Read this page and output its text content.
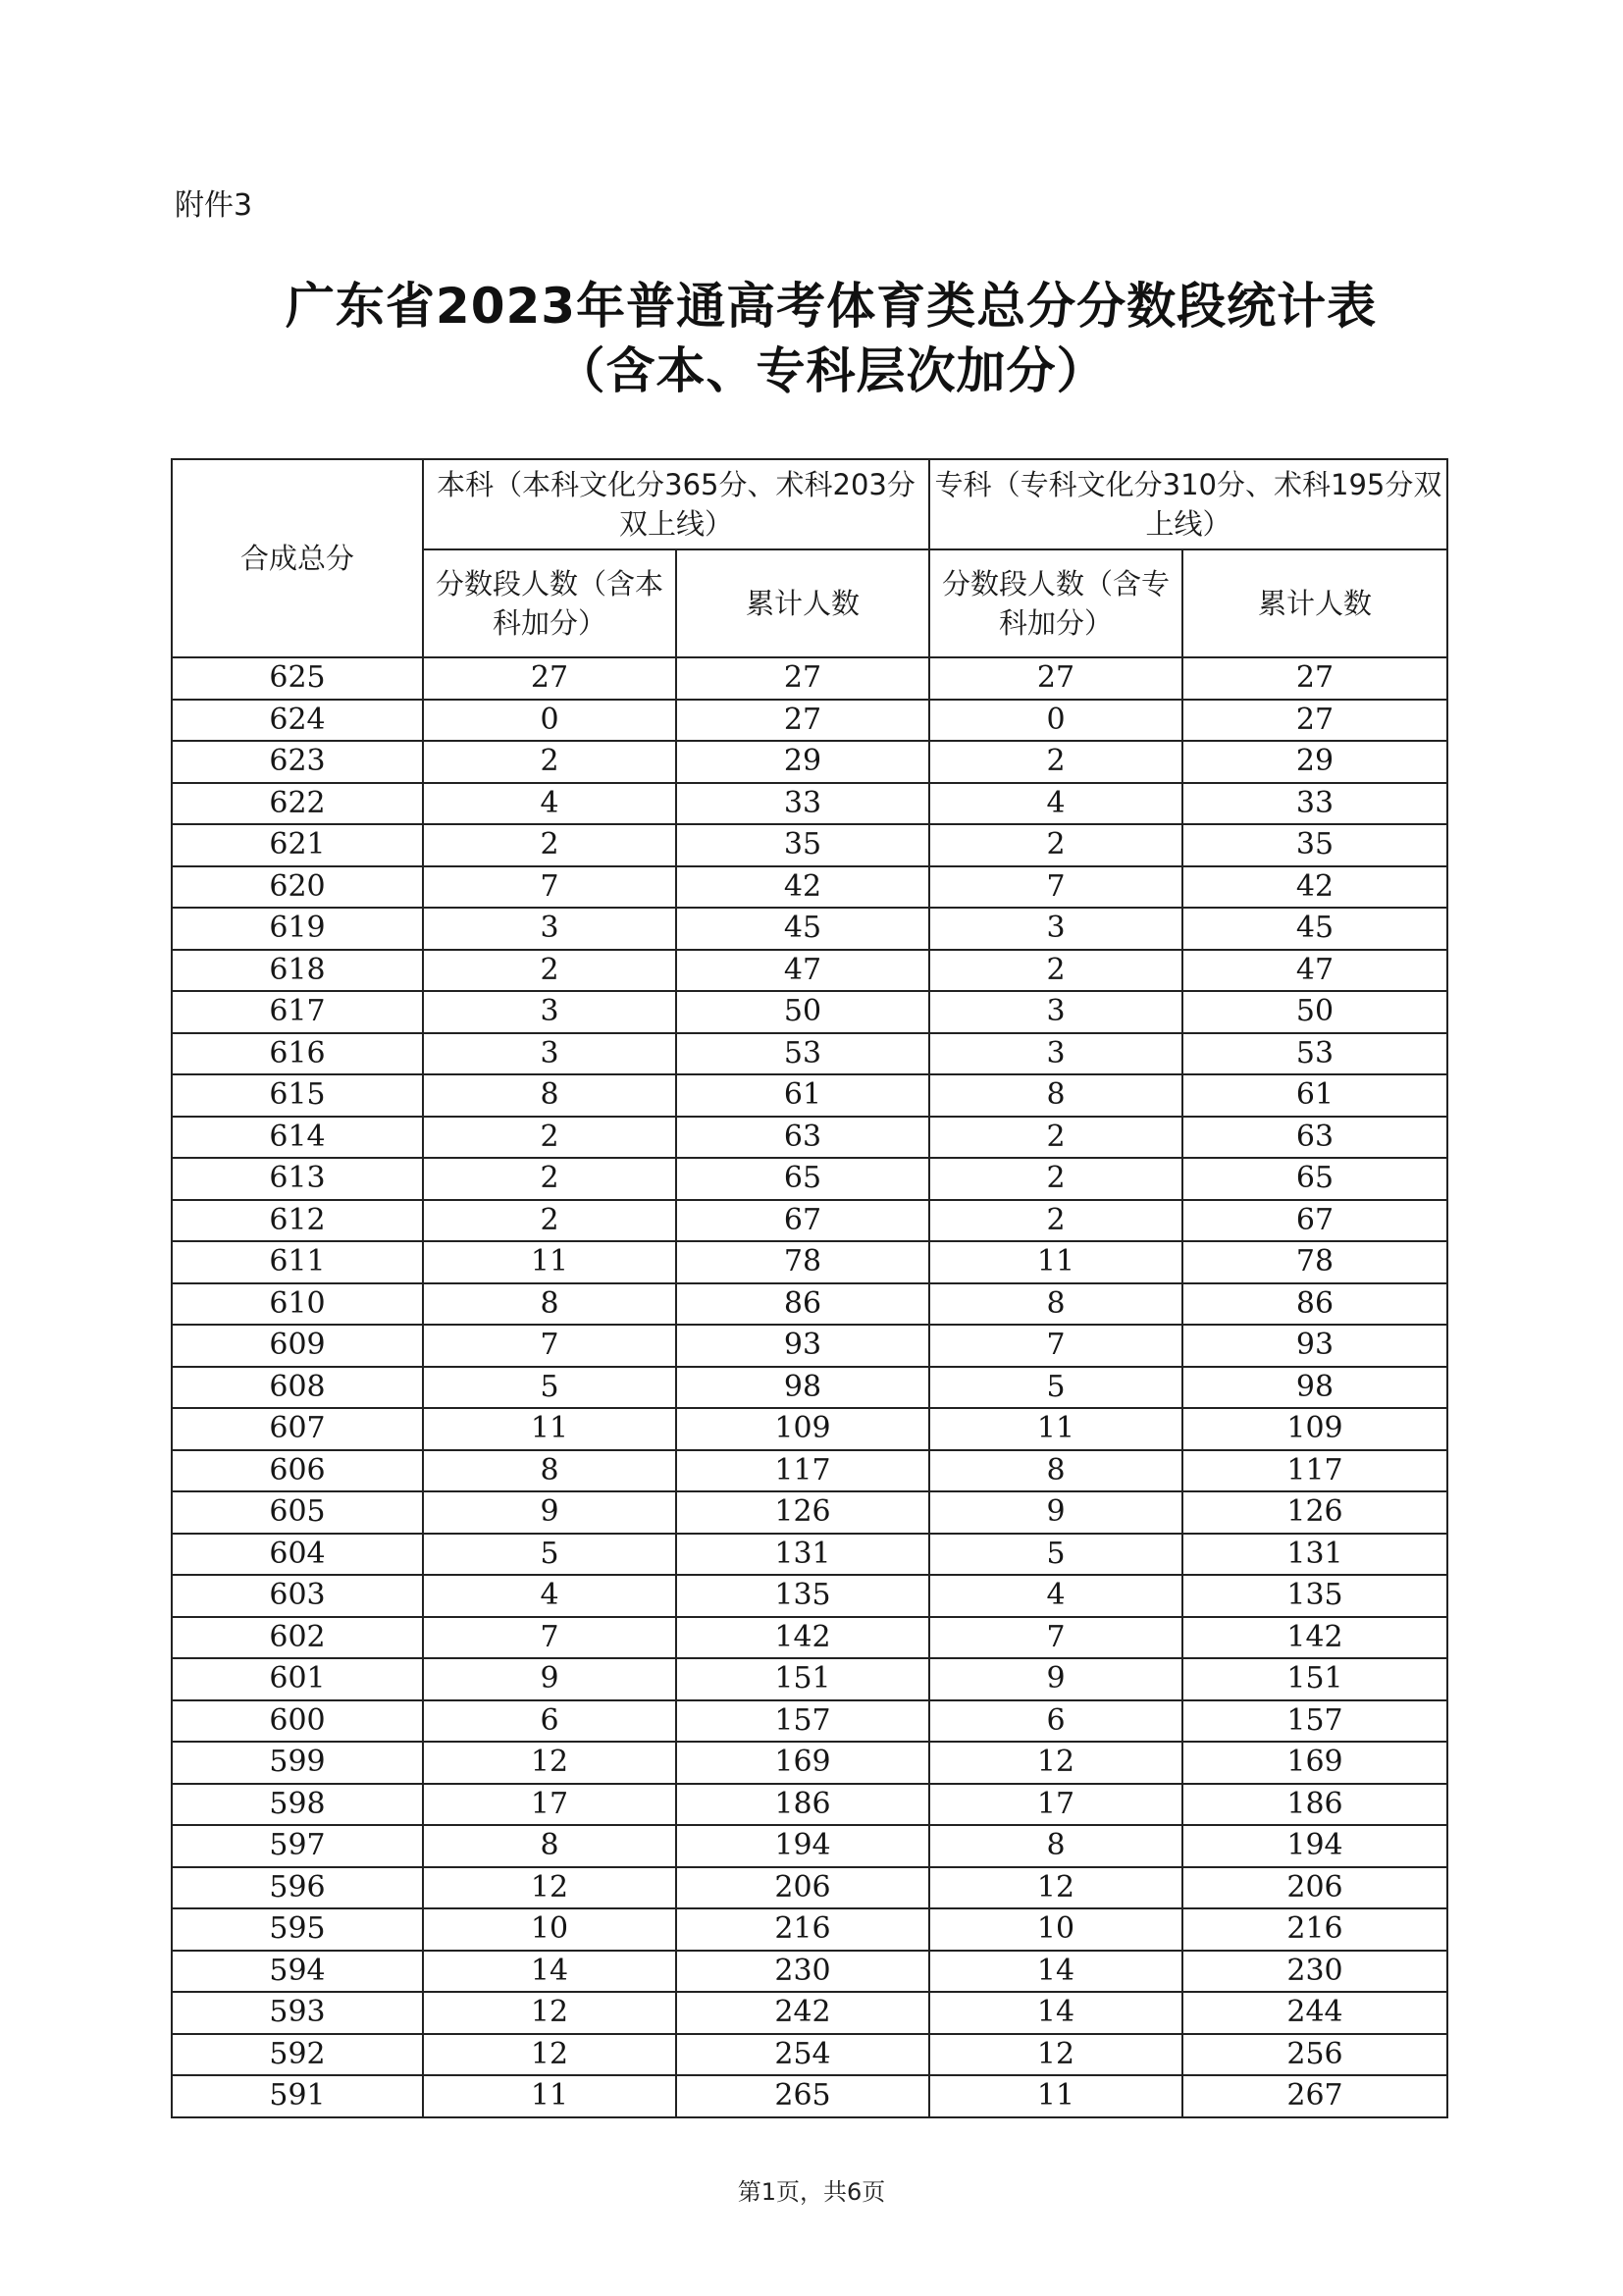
附件3
广东省2023年普通高考体育类总分分数段统计表
（含本、专科层次加分）
合成总分	本科（本科文化分365分、术科203分双上线）		专科（专科文化分310分、术科195分双上线）	
	分数段人数（含本科加分）	累计人数	分数段人数（含专科加分）	累计人数
625	27	27	27	27
624	0	27	0	27
623	2	29	2	29
622	4	33	4	33
621	2	35	2	35
620	7	42	7	42
619	3	45	3	45
618	2	47	2	47
617	3	50	3	50
616	3	53	3	53
615	8	61	8	61
614	2	63	2	63
613	2	65	2	65
612	2	67	2	67
611	11	78	11	78
610	8	86	8	86
609	7	93	7	93
608	5	98	5	98
607	11	109	11	109
606	8	117	8	117
605	9	126	9	126
604	5	131	5	131
603	4	135	4	135
602	7	142	7	142
601	9	151	9	151
600	6	157	6	157
599	12	169	12	169
598	17	186	17	186
597	8	194	8	194
596	12	206	12	206
595	10	216	10	216
594	14	230	14	230
593	12	242	14	244
592	12	254	12	256
591	11	265	11	267
第1页，共6页
